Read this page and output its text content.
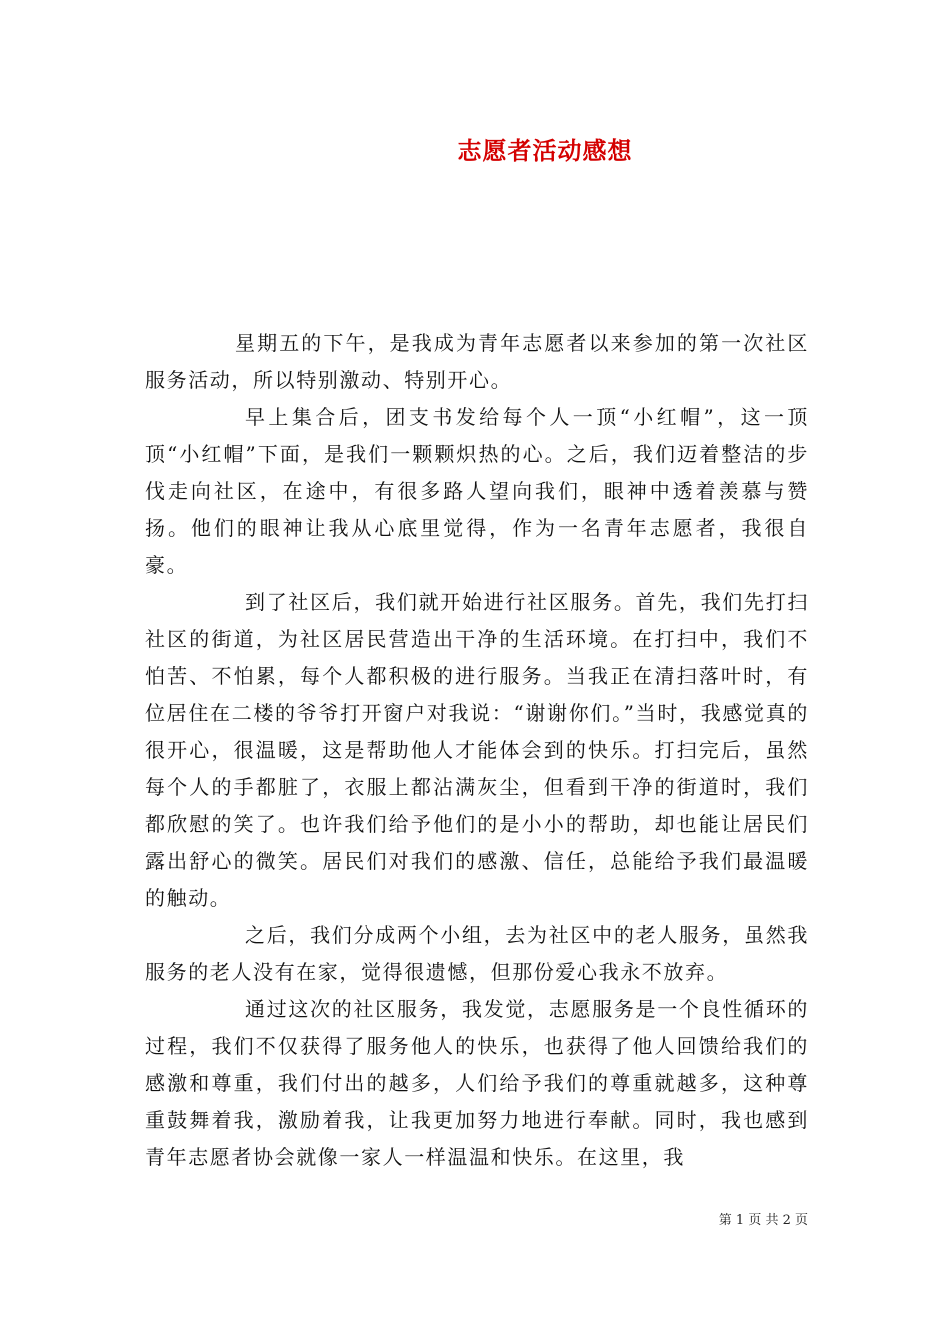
志愿者活动感想

星期五的下午，是我成为青年志愿者以来参加的第一次社区服务活动，所以特别激动、特别开心。

早上集合后，团支书发给每个人一顶“小红帽”，这一顶顶“小红帽”下面，是我们一颗颗炽热的心。之后，我们迈着整洁的步伐走向社区，在途中，有很多路人望向我们，眼神中透着羡慕与赞扬。他们的眼神让我从心底里觉得，作为一名青年志愿者，我很自豪。

到了社区后，我们就开始进行社区服务。首先，我们先打扫社区的街道，为社区居民营造出干净的生活环境。在打扫中，我们不怕苦、不怕累，每个人都积极的进行服务。当我正在清扫落叶时，有位居住在二楼的爷爷打开窗户对我说：“谢谢你们。”当时，我感觉真的很开心，很温暖，这是帮助他人才能体会到的快乐。打扫完后，虽然每个人的手都脏了，衣服上都沾满灰尘，但看到干净的街道时，我们都欣慰的笑了。也许我们给予他们的是小小的帮助，却也能让居民们露出舒心的微笑。居民们对我们的感激、信任，总能给予我们最温暖的触动。

之后，我们分成两个小组，去为社区中的老人服务，虽然我服务的老人没有在家，觉得很遗憾，但那份爱心我永不放弃。

通过这次的社区服务，我发觉，志愿服务是一个良性循环的过程，我们不仅获得了服务他人的快乐，也获得了他人回馈给我们的感激和尊重，我们付出的越多，人们给予我们的尊重就越多，这种尊重鼓舞着我，激励着我，让我更加努力地进行奉献。同时，我也感到青年志愿者协会就像一家人一样温温和快乐。在这里，我

第 1 页 共 2 页
